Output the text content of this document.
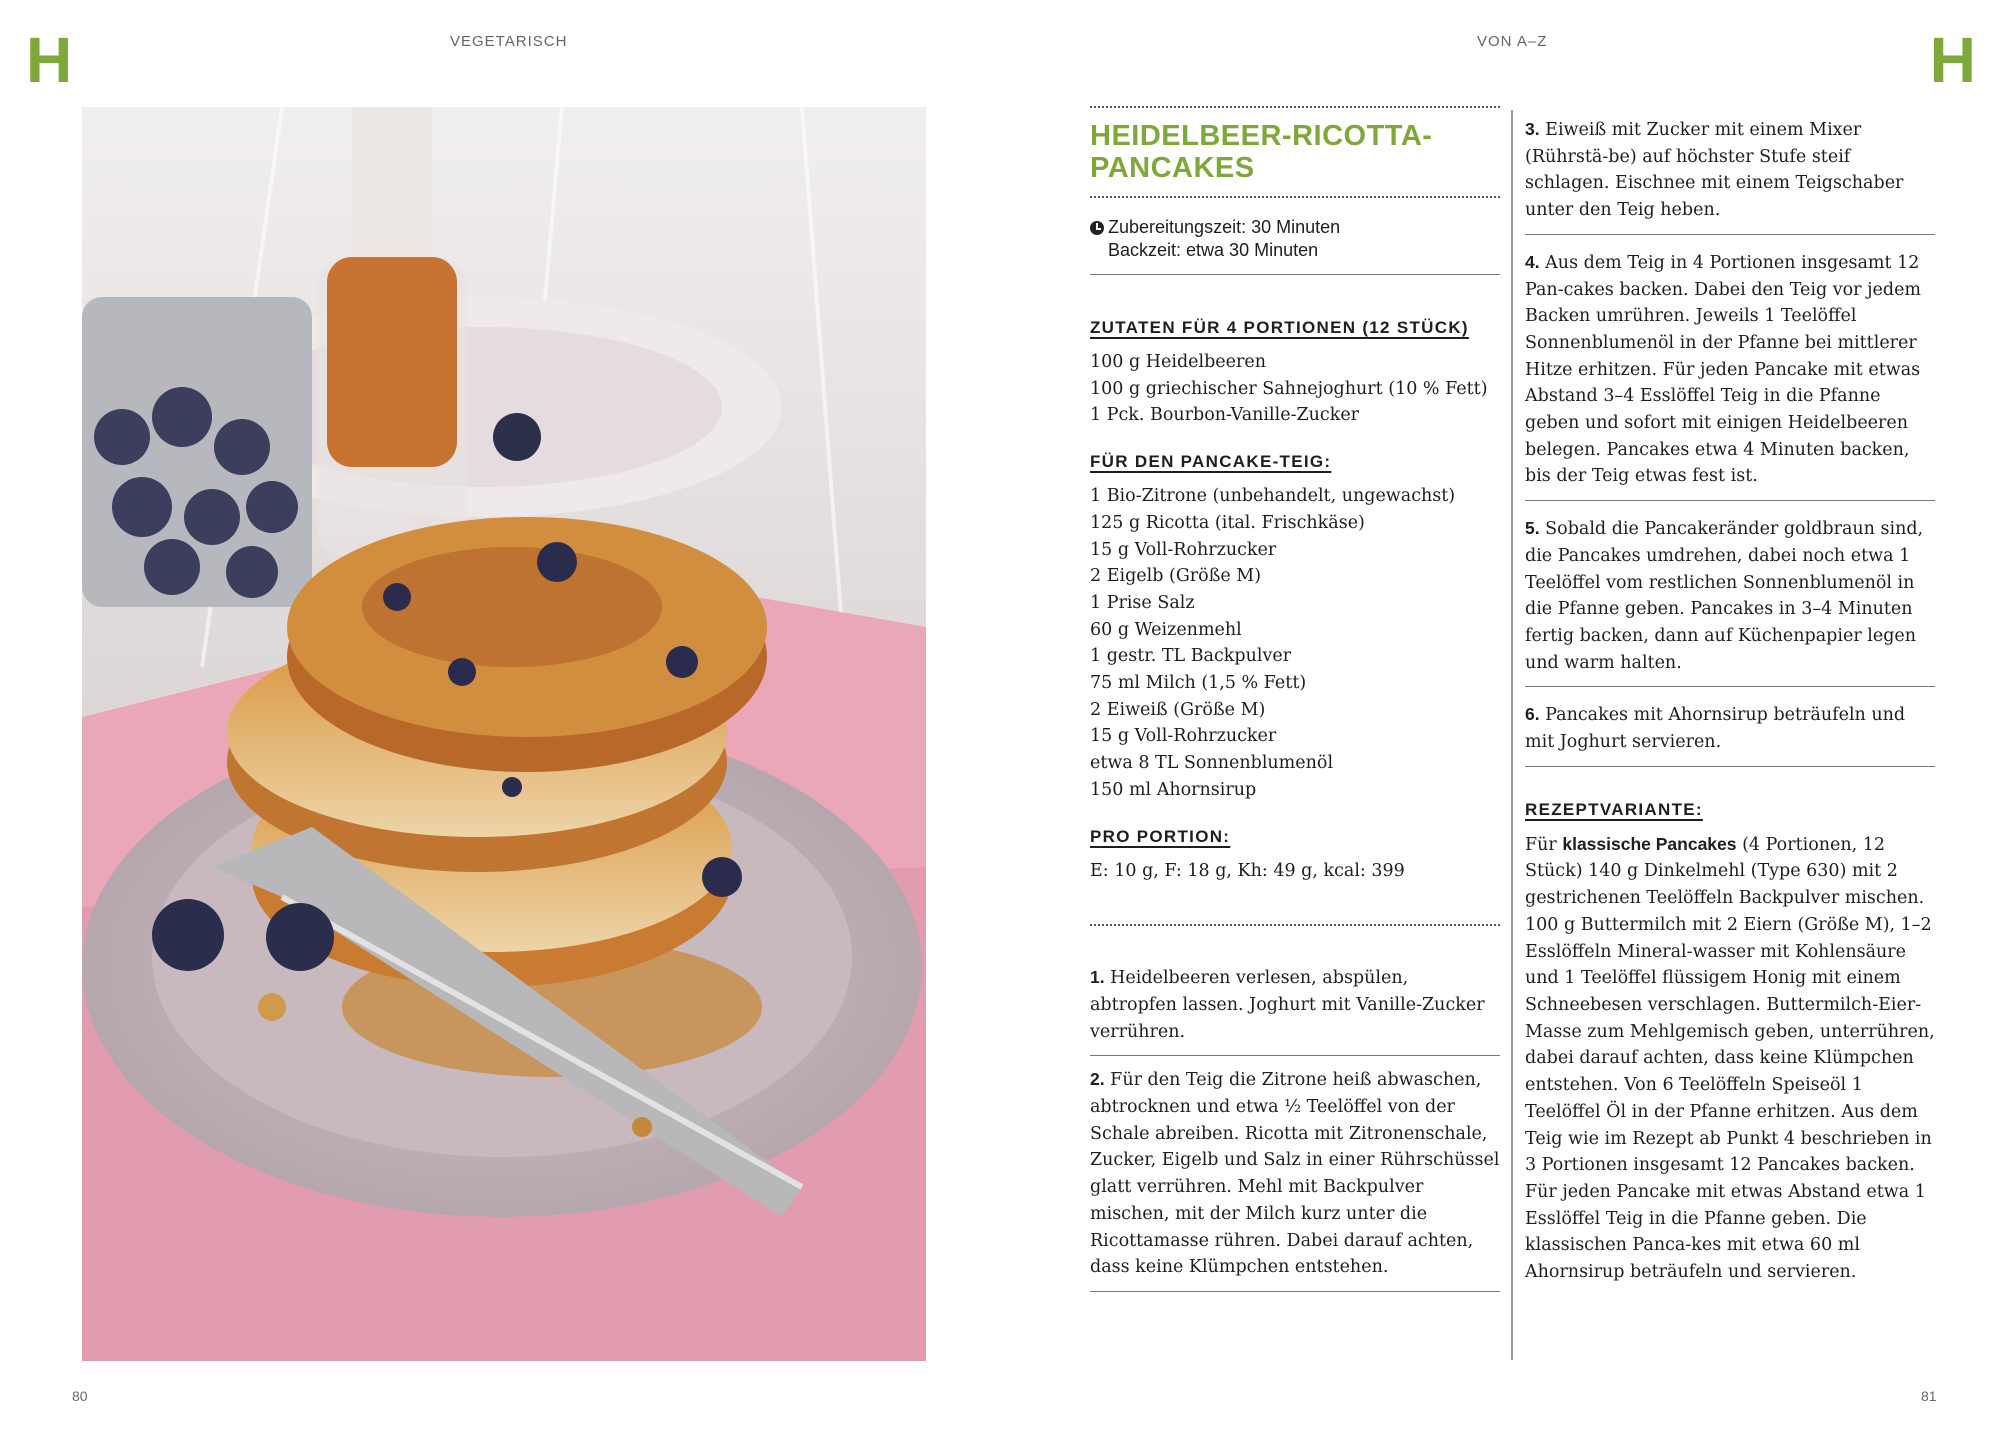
H	VEGETARISCH	VON A–Z	H
HEIDELBEER-RICOTTA-
PANCAKES
Zubereitungszeit: 30 Minuten
Backzeit: etwa 30 Minuten
ZUTATEN FÜR 4 PORTIONEN (12 STÜCK)
100 g Heidelbeeren
100 g griechischer Sahnejoghurt (10 % Fett)
1 Pck. Bourbon-Vanille-Zucker
FÜR DEN PANCAKE-TEIG:
1 Bio-Zitrone (unbehandelt, ungewachst)
125 g Ricotta (ital. Frischkäse)
15 g Voll-Rohrzucker
2 Eigelb (Größe M)
1 Prise Salz
60 g Weizenmehl
1 gestr. TL Backpulver
75 ml Milch (1,5 % Fett)
2 Eiweiß (Größe M)
15 g Voll-Rohrzucker
etwa 8 TL Sonnenblumenöl
150 ml Ahornsirup
PRO PORTION:
E: 10 g, F: 18 g, Kh: 49 g, kcal: 399
1. Heidelbeeren verlesen, abspülen, abtropfen lassen. Joghurt mit Vanille-Zucker verrühren.
2. Für den Teig die Zitrone heiß abwaschen, abtrocknen und etwa ½ Teelöffel von der Schale abreiben. Ricotta mit Zitronenschale, Zucker, Eigelb und Salz in einer Rührschüssel glatt verrühren. Mehl mit Backpulver mischen, mit der Milch kurz unter die Ricottamasse rühren. Dabei darauf achten, dass keine Klümpchen entstehen.
3. Eiweiß mit Zucker mit einem Mixer (Rührstä-be) auf höchster Stufe steif schlagen. Eischnee mit einem Teigschaber unter den Teig heben.
4. Aus dem Teig in 4 Portionen insgesamt 12 Pan-cakes backen. Dabei den Teig vor jedem Backen umrühren. Jeweils 1 Teelöffel Sonnenblumenöl in der Pfanne bei mittlerer Hitze erhitzen. Für jeden Pancake mit etwas Abstand 3–4 Esslöffel Teig in die Pfanne geben und sofort mit einigen Heidelbeeren belegen. Pancakes etwa 4 Minuten backen, bis der Teig etwas fest ist.
5. Sobald die Pancakeränder goldbraun sind, die Pancakes umdrehen, dabei noch etwa 1 Teelöffel vom restlichen Sonnenblumenöl in die Pfanne geben. Pancakes in 3–4 Minuten fertig backen, dann auf Küchenpapier legen und warm halten.
6. Pancakes mit Ahornsirup beträufeln und mit Joghurt servieren.
REZEPTVARIANTE:
Für klassische Pancakes (4 Portionen, 12 Stück) 140 g Dinkelmehl (Type 630) mit 2 gestrichenen Teelöffeln Backpulver mischen. 100 g Buttermilch mit 2 Eiern (Größe M), 1–2 Esslöffeln Mineral-wasser mit Kohlensäure und 1 Teelöffel flüssigem Honig mit einem Schneebesen verschlagen. Buttermilch-Eier-Masse zum Mehlgemisch geben, unterrühren, dabei darauf achten, dass keine Klümpchen entstehen. Von 6 Teelöffeln Speiseöl 1 Teelöffel Öl in der Pfanne erhitzen. Aus dem Teig wie im Rezept ab Punkt 4 beschrieben in 3 Portionen insgesamt 12 Pancakes backen. Für jeden Pancake mit etwas Abstand etwa 1 Esslöffel Teig in die Pfanne geben. Die klassischen Panca-kes mit etwa 60 ml Ahornsirup beträufeln und servieren.
80	81
